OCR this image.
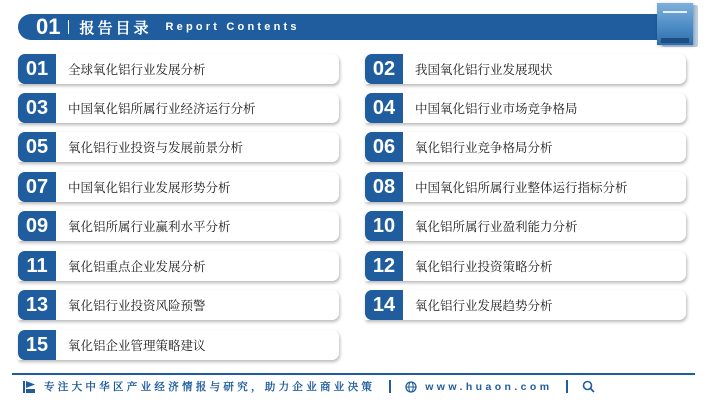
01 报告目录 Report Contents
01	全球氧化铝行业发展分析	02	我国氧化铝行业发展现状
03	中国氧化铝所属行业经济运行分析	04	中国氧化铝行业市场竞争格局
05	氧化铝行业投资与发展前景分析	06	氧化铝行业竞争格局分析
07	中国氧化铝行业发展形势分析	08	中国氧化铝所属行业整体运行指标分析
09	氧化铝所属行业赢利水平分析	10	氧化铝所属行业盈利能力分析
11	氧化铝重点企业发展分析	12	氧化铝行业投资策略分析
13	氧化铝行业投资风险预警	14	氧化铝行业发展趋势分析
15	氧化铝企业管理策略建议
专注大中华区产业经济情报与研究，助力企业商业决策	www.huaon.com
